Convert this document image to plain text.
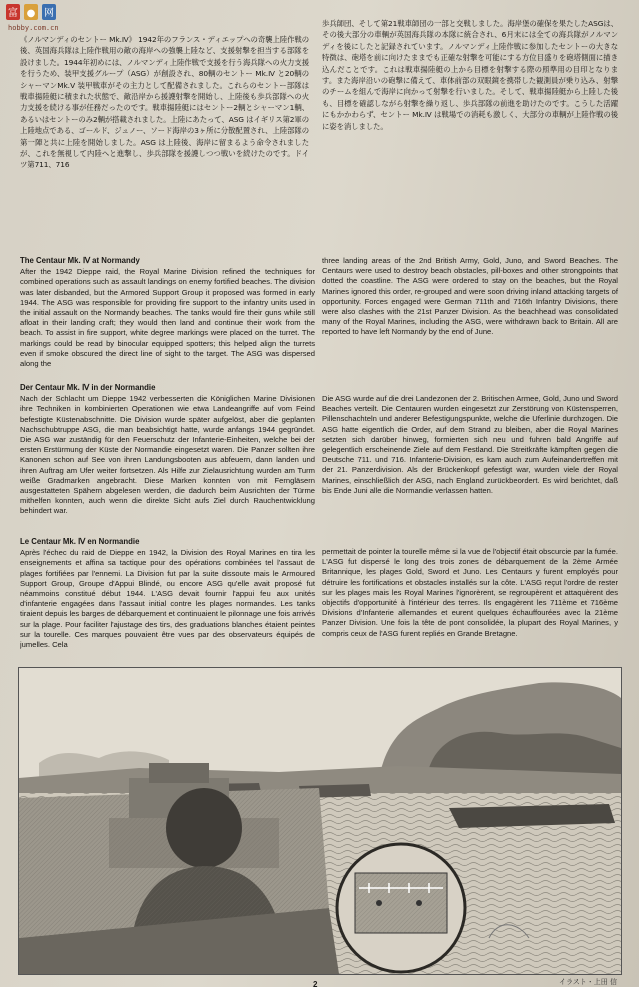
富 ● 网
hobby.com.cn
《ノルマンディのセントー Mk.Ⅳ》 1942年のフランス・ディエップへの奇襲上陸作戦の後、英国海兵隊は上陸作戦用の敵の海岸への強襲上陸など、支援射撃を担当する部隊を設けました。1944年初めには、ノルマンディ上陸作戦で支援を行う海兵隊への火力支援を行うため、装甲支援グループ（ASG）が創設され、80輌のセントー Mk.Ⅳ と20輌のシャーマンMk.Ⅴ 装甲戦車がその主力として配備されました。これらのセントー部隊は戦車揚陸艇に積まれた状態で、敵沿岸から援護射撃を開始し、上陸後も歩兵部隊への火力支援を続ける事が任務だったのです。戦車揚陸艇にはセントー2輌とシャーマン1輌、あるいはセントーのみ2輌が搭載されました。上陸にあたって、ASG はイギリス第2軍の上陸地点である、ゴールド、ジュノー、ソード海岸の3ヶ所に分散配置され、上陸部隊の第一陣と共に上陸を開始しました。ASG は上陸後、海岸に留まるよう命令されましたが、これを無視して内陸へと進撃し、歩兵部隊を援護しつつ戦いを続けたのです。ドイツ第711、716
歩兵師団、そして第21戦車師団の一部と交戦しました。海岸堡の確保を果たしたASGは、その後大部分の車輌が英国海兵隊の本隊に統合され、6月末には全ての海兵隊がノルマンディを後にしたと記録されています。ノルマンディ上陸作戦に参加したセントーの大きな特徴は、砲塔を前に向けたままでも正確な射撃を可能にする方位目盛りを砲塔側面に描き込んだことです。これは戦車揚陸艇の上から目標を射撃する際の照準用の目印となります。また海岸沿いの砲撃に備えて、車体前部の双眼鏡を携帯した観測員が乗り込み、射撃のチームを組んで海岸に向かって射撃を行いました。そして、戦車揚陸艇から上陸した後も、目標を確認しながら射撃を繰り返し、歩兵部隊の前進を助けたのです。こうした活躍にもかかわらず、セントー Mk.Ⅳ は戦場での消耗も激しく、大部分の車輌が上陸作戦の後に姿を消しました。
The Centaur Mk. Ⅳ at Normandy
After the 1942 Dieppe raid, the Royal Marine Division refined the techniques for combined operations such as assault landings on enemy fortified beaches. The division was later disbanded, but the Armored Support Group it proposed was formed in early 1944. The ASG was responsible for providing fire support to the infantry units used in the initial assault on the Normandy beaches. The tanks would fire their guns while still afloat in their landing craft; they would then land and continue their work from the beach. To assist in fire support, white degree markings were placed on the turret. The markings could be read by binocular equipped spotters; this helped align the turrets even if smoke obscured the direct line of sight to the target. The ASG was dispersed along the
three landing areas of the 2nd British Army, Gold, Juno, and Sword Beaches. The Centaurs were used to destroy beach obstacles, pill-boxes and other strongpoints that dotted the coastline. The ASG were ordered to stay on the beaches, but the Royal Marines ignored this order, re-grouped and were soon driving inland attacking targets of opportunity. Forces engaged were German 711th and 716th Infantry Divisions, there were also clashes with the 21st Panzer Division. As the beachhead was consolidated many of the Royal Marines, including the ASG, were withdrawn back to Britain. All are reported to have left Normandy by the end of June.
Der Centaur Mk. Ⅳ in der Normandie
Nach der Schlacht um Dieppe 1942 verbesserten die Königlichen Marine Divisionen ihre Techniken in kombinierten Operationen wie etwa Landeangriffe auf vom Feind befestigte Küstenabschnitte. Die Division wurde später aufgelöst, aber die geplanten Nachschubtruppe ASG, die man beabsichtigt hatte, wurde anfangs 1944 gegründet. Die ASG war zuständig für den Feuerschutz der Infanterie-Einheiten, welche bei der ersten Erstürmung der Küste der Normandie eingesetzt waren. Die Panzer sollten ihre Kanonen schon auf See von ihren Landungsbooten aus abfeuern, dann landen und ihren Auftrag am Ufer weiter fortsetzen. Als Hilfe zur Zielausrichtung wurden am Turm weiße Gradmarken angebracht. Diese Marken konnten von mit Ferngläsern ausgestatteten Spähern abgelesen werden, die dadurch beim Ausrichten der Türme mithelfen konnten, auch wenn die direkte Sicht aufs Ziel durch Rauchentwicklung behindert war.
Die ASG wurde auf die drei Landezonen der 2. Britischen Armee, Gold, Juno und Sword Beaches verteilt. Die Centauren wurden eingesetzt zur Zerstörung von Küstensperren, Pillenschachteln und anderer Befestigungspunkte, welche die Uferlinie durchzogen. Die ASG hatte eigentlich die Order, auf dem Strand zu bleiben, aber die Royal Marines setzten sich darüber hinweg, formierten sich neu und fuhren bald Angriffe auf gelegentlich erscheinende Ziele auf dem Festland. Die Streitkräfte kämpften gegen die Deutsche 711. und 716. Infanterie-Division, es kam auch zum Aufeinandertreffen mit der 21. Panzerdivision. Als der Brückenkopf gefestigt war, wurden viele der Royal Marines, einschließlich der ASG, nach England zurückbeordert. Es wird berichtet, daß bis Ende Juni alle die Normandie verlassen hatten.
Le Centaur Mk. Ⅳ en Normandie
Après l'échec du raid de Dieppe en 1942, la Division des Royal Marines en tira les enseignements et affina sa tactique pour des opérations combinées tel l'assaut de plages fortifiées par l'ennemi. La Division fut par la suite dissoute mais le Armoured Support Group, Groupe d'Appui Blindé, ou encore ASG qu'elle avait proposé fut néammoins constitué début 1944. L'ASG devait fournir l'appui feu aux unités d'infanterie engagées dans l'assaut initial contre les plages normandes. Les tanks tiraient depuis les barges de débarquement et continuaient le pilonnage une fois arrivés sur la plage. Pour faciliter l'ajustage des tirs, des graduations blanches étaient peintes sur la tourelle. Ces marques pouvaient être vues par des observateurs équipés de jumelles. Cela
permettait de pointer la tourelle même si la vue de l'objectif était obscurcie par la fumée. L'ASG fut dispersé le long des trois zones de débarquement de la 2ème Armée Britannique, les plages Gold, Sword et Juno. Les Centaurs y furent employés pour détruire les fortifications et obstacles installés sur la côte. L'ASG reçut l'ordre de rester sur les plages mais les Royal Marines l'ignorèrent, se regroupèrent et attaquèrent des objectifs d'opportunité à l'intérieur des terres. Ils engagèrent les 711ème et 716ème Divisions d'Infanterie allemandes et eurent quelques échauffourées avec la 21ème Panzer Division. Une fois la tête de pont consolidée, la plupart des Royal Marines, y compris ceux de l'ASG furent repliés en Grande Bretagne.
イラスト・上田 信
2
